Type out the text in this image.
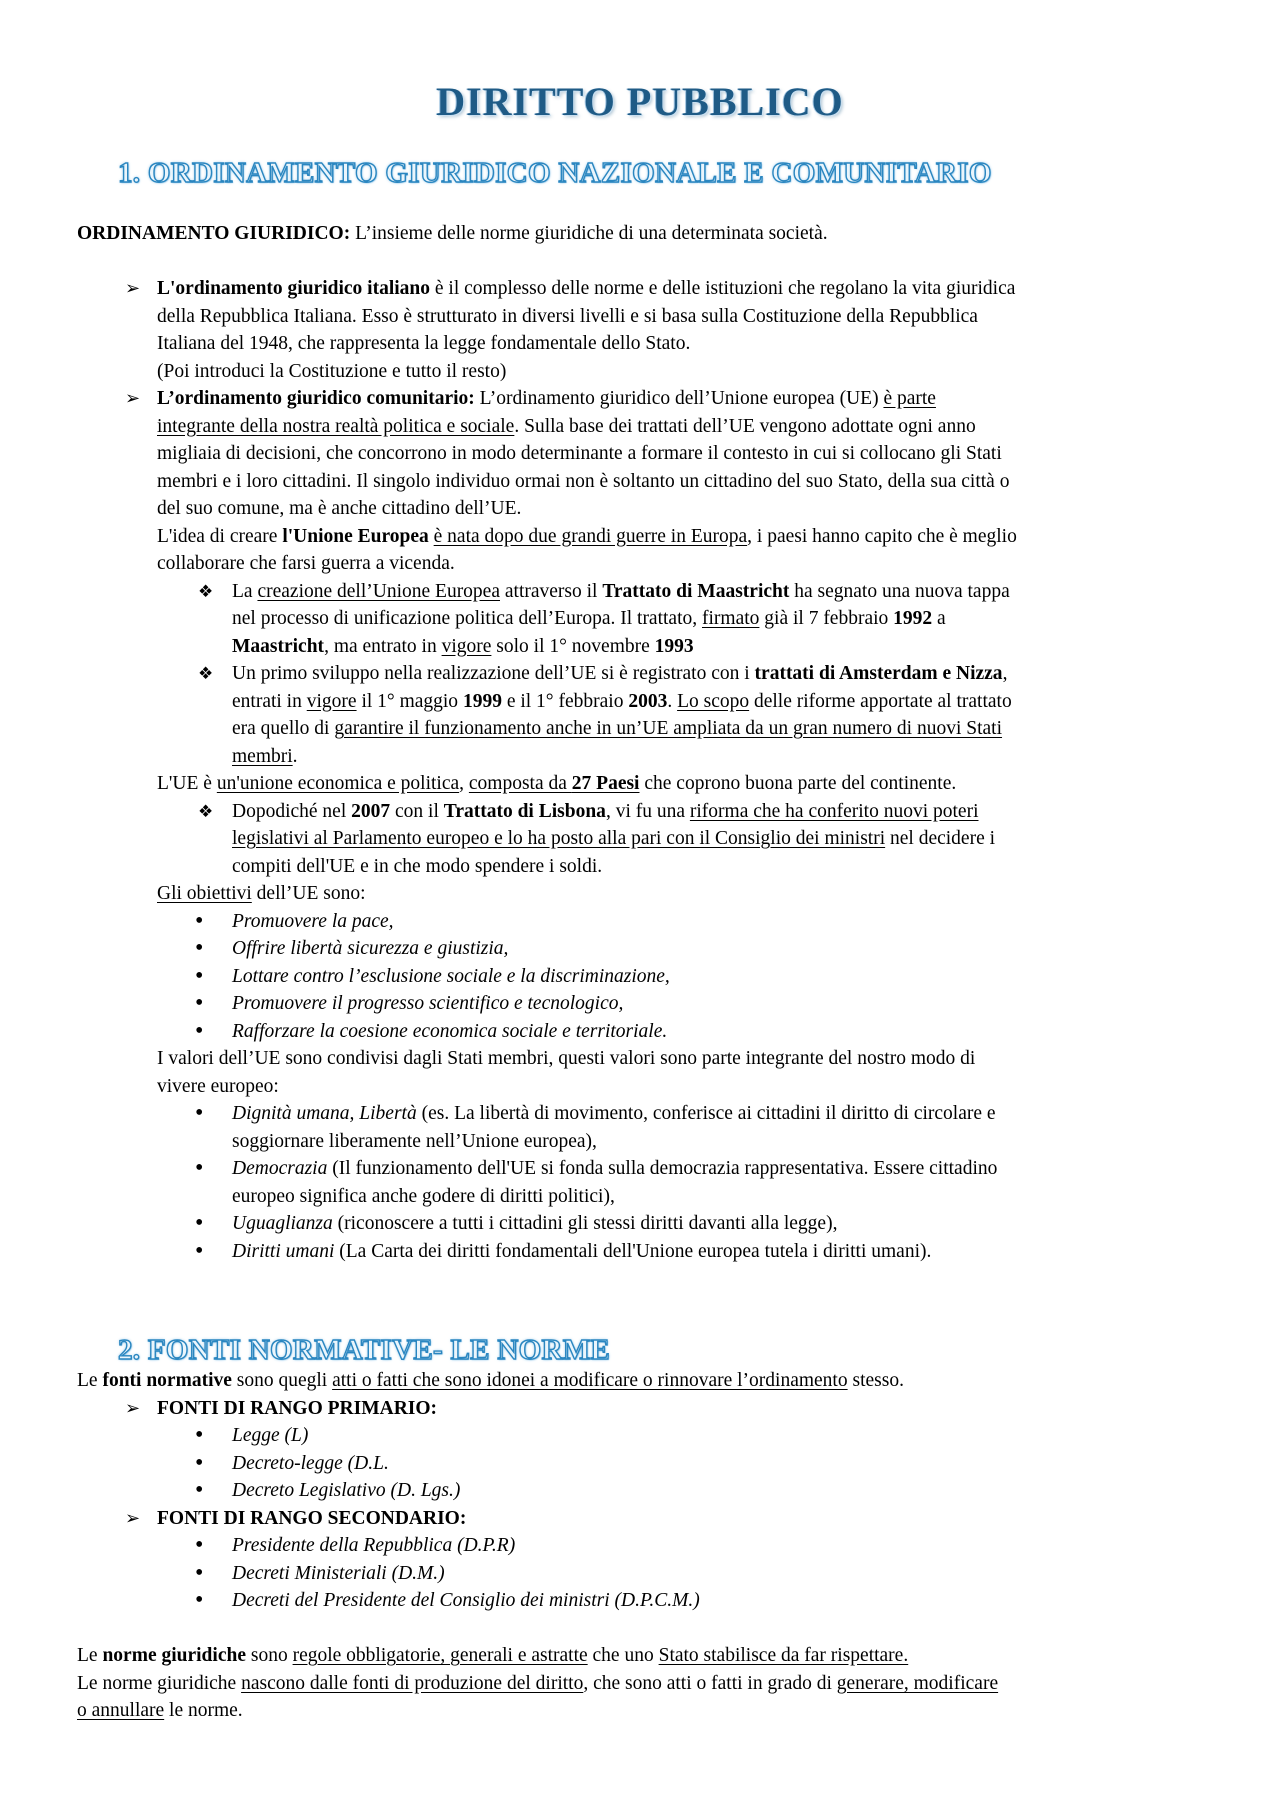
DIRITTO PUBBLICO
1. ORDINAMENTO GIURIDICO NAZIONALE E COMUNITARIO
ORDINAMENTO GIURIDICO: L’insieme delle norme giuridiche di una determinata società.
➢ L'ordinamento giuridico italiano è il complesso delle norme e delle istituzioni che regolano la vita giuridica
della Repubblica Italiana. Esso è strutturato in diversi livelli e si basa sulla Costituzione della Repubblica
Italiana del 1948, che rappresenta la legge fondamentale dello Stato.
(Poi introduci la Costituzione e tutto il resto)
➢ L’ordinamento giuridico comunitario: L’ordinamento giuridico dell’Unione europea (UE) è parte
integrante della nostra realtà politica e sociale. Sulla base dei trattati dell’UE vengono adottate ogni anno
migliaia di decisioni, che concorrono in modo determinante a formare il contesto in cui si collocano gli Stati
membri e i loro cittadini. Il singolo individuo ormai non è soltanto un cittadino del suo Stato, della sua città o
del suo comune, ma è anche cittadino dell’UE.
L'idea di creare l'Unione Europea è nata dopo due grandi guerre in Europa, i paesi hanno capito che è meglio
collaborare che farsi guerra a vicenda.
❖ La creazione dell’Unione Europea attraverso il Trattato di Maastricht ha segnato una nuova tappa
nel processo di unificazione politica dell’Europa. Il trattato, firmato già il 7 febbraio 1992 a
Maastricht, ma entrato in vigore solo il 1° novembre 1993
❖ Un primo sviluppo nella realizzazione dell’UE si è registrato con i trattati di Amsterdam e Nizza,
entrati in vigore il 1° maggio 1999 e il 1° febbraio 2003. Lo scopo delle riforme apportate al trattato
era quello di garantire il funzionamento anche in un’UE ampliata da un gran numero di nuovi Stati
membri.
L'UE è un'unione economica e politica, composta da 27 Paesi che coprono buona parte del continente.
❖ Dopodiché nel 2007 con il Trattato di Lisbona, vi fu una riforma che ha conferito nuovi poteri
legislativi al Parlamento europeo e lo ha posto alla pari con il Consiglio dei ministri nel decidere i
compiti dell'UE e in che modo spendere i soldi.
Gli obiettivi dell’UE sono:
•	Promuovere la pace,
•	Offrire libertà sicurezza e giustizia,
•	Lottare contro l’esclusione sociale e la discriminazione,
•	Promuovere il progresso scientifico e tecnologico,
•	Rafforzare la coesione economica sociale e territoriale.
I valori dell’UE sono condivisi dagli Stati membri, questi valori sono parte integrante del nostro modo di
vivere europeo:
•	Dignità umana, Libertà (es. La libertà di movimento, conferisce ai cittadini il diritto di circolare e
soggiornare liberamente nell’Unione europea),
•	Democrazia (Il funzionamento dell'UE si fonda sulla democrazia rappresentativa. Essere cittadino
europeo significa anche godere di diritti politici),
•	Uguaglianza (riconoscere a tutti i cittadini gli stessi diritti davanti alla legge),
•	Diritti umani (La Carta dei diritti fondamentali dell'Unione europea tutela i diritti umani).
2. FONTI NORMATIVE- LE NORME
Le fonti normative sono quegli atti o fatti che sono idonei a modificare o rinnovare l’ordinamento stesso.
➢ FONTI DI RANGO PRIMARIO:
•	Legge (L)
•	Decreto-legge (D.L.
•	Decreto Legislativo (D. Lgs.)
➢ FONTI DI RANGO SECONDARIO:
•	Presidente della Repubblica (D.P.R)
•	Decreti Ministeriali (D.M.)
•	Decreti del Presidente del Consiglio dei ministri (D.P.C.M.)
Le norme giuridiche sono regole obbligatorie, generali e astratte che uno Stato stabilisce da far rispettare.
Le norme giuridiche nascono dalle fonti di produzione del diritto, che sono atti o fatti in grado di generare, modificare
o annullare le norme.
